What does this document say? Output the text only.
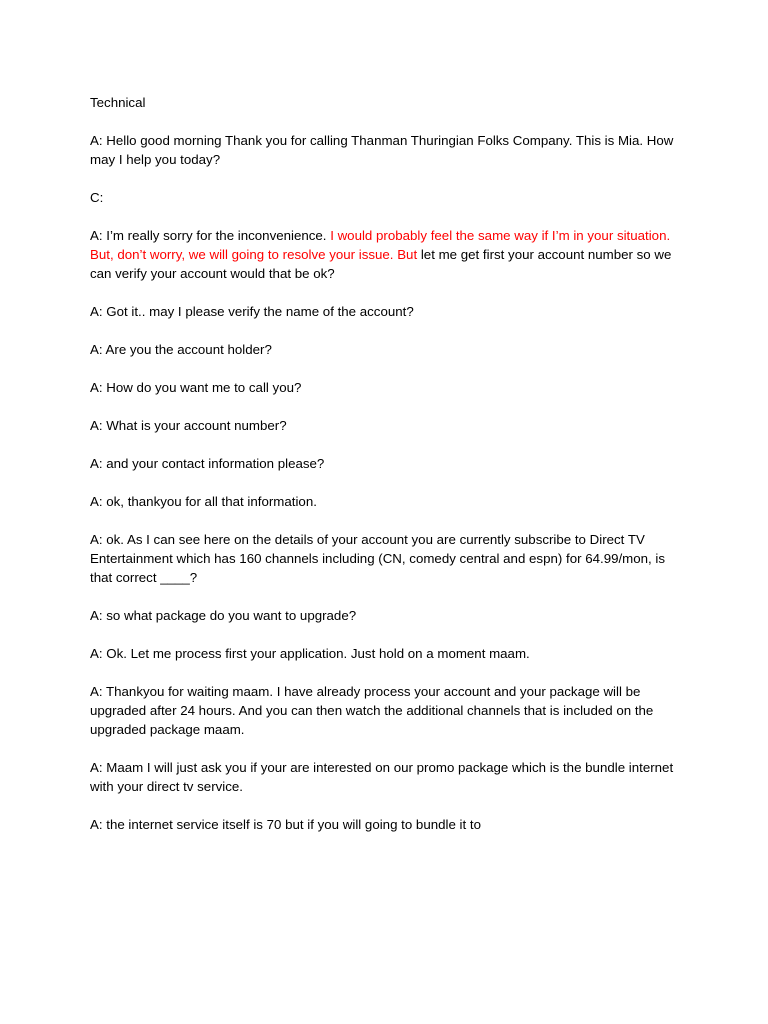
Technical

A: Hello good morning Thank you for calling Thanman Thuringian Folks Company. This is Mia. How may I help you today?

C:

A: I’m really sorry for the inconvenience. I would probably feel the same way if I’m in your situation. But, don’t worry, we will going to resolve your issue. But let me get first your account number so we can verify your account would that be ok?

A: Got it.. may I please verify the name of the account?

A: Are you the account holder?

A: How do you want me to call you?

A: What is your account number?

A: and your contact information please?

A: ok, thankyou for all that information.

A: ok. As I can see here on the details of your account you are currently subscribe to Direct TV Entertainment which has 160 channels including (CN, comedy central and espn) for 64.99/mon, is that correct ____?

A: so what package do you want to upgrade?

A: Ok. Let me process first your application. Just hold on a moment maam.

A: Thankyou for waiting maam. I have already process your account and your package will be upgraded after 24 hours. And you can then watch the additional channels that is included on the upgraded package maam.

A: Maam I will just ask you if your are interested on our promo package which is the bundle internet with your direct tv service.

A: the internet service itself is 70 but if you will going to bundle it to
